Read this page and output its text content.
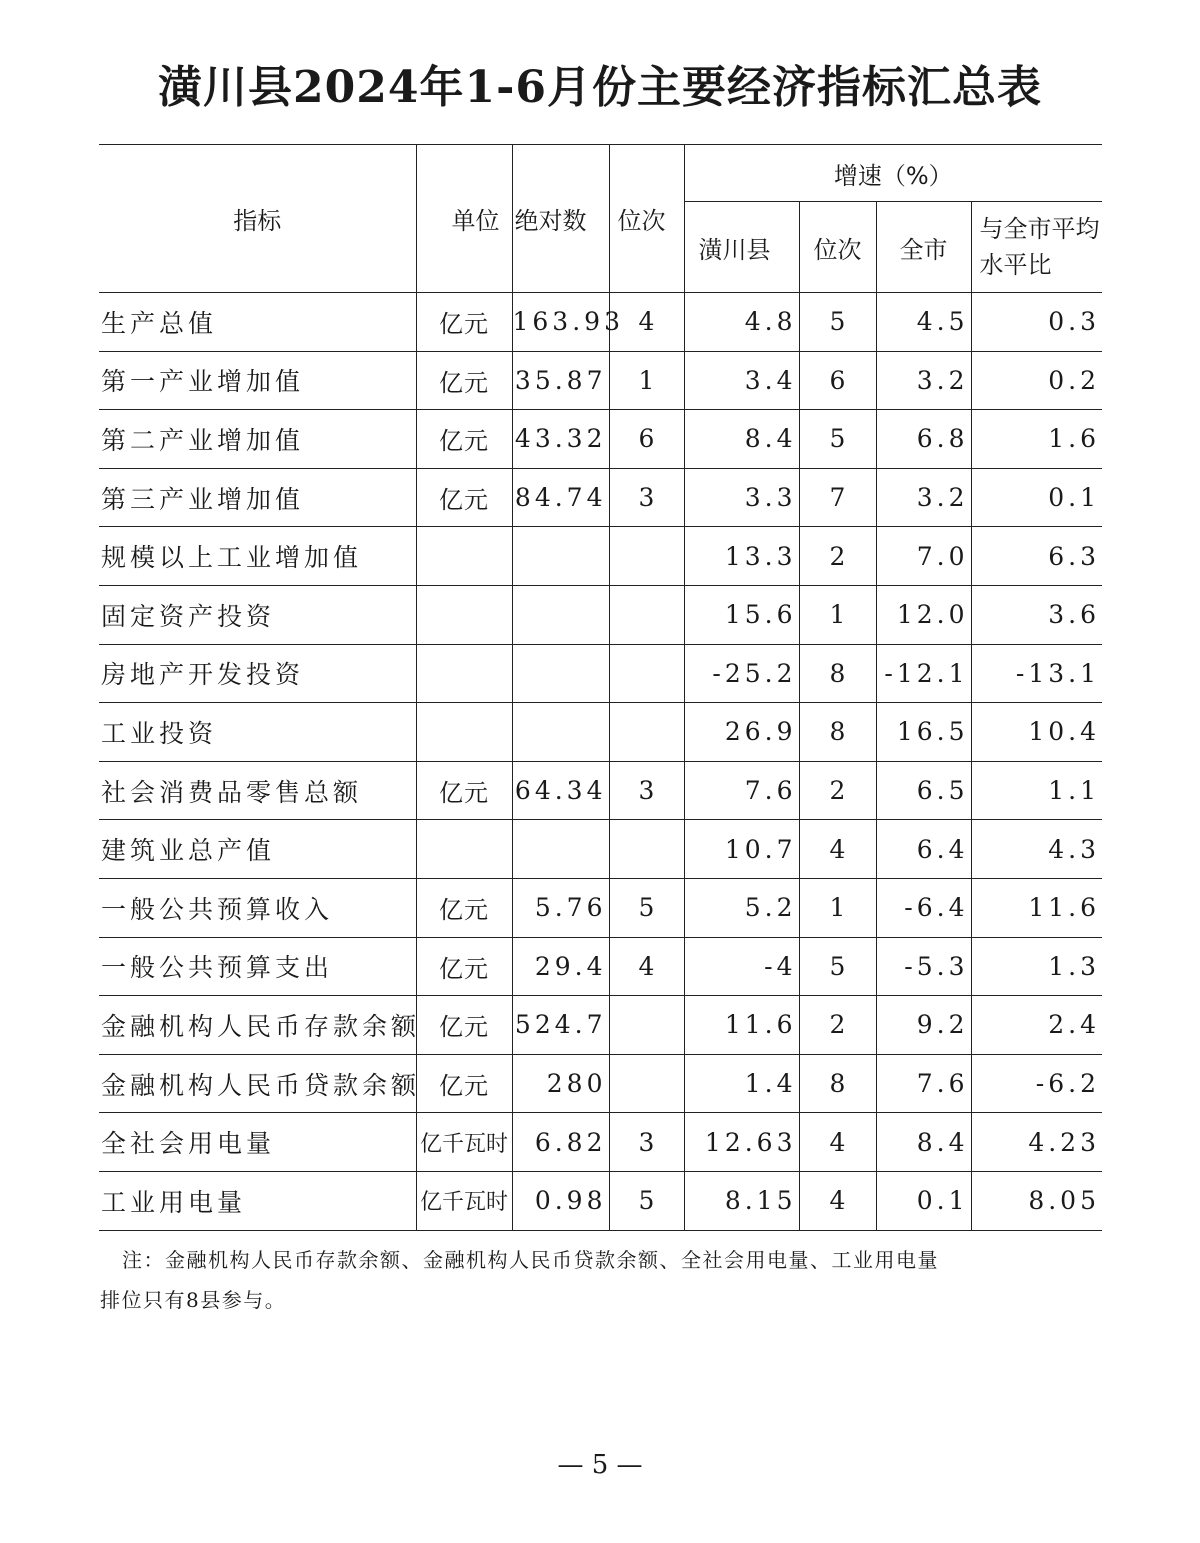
潢川县2024年1-6月份主要经济指标汇总表
指标	单位	绝对数	位次	增速（%）			
				潢川县	位次	全市	与全市平均水平比
生产总值	亿元	163.93	4	4.8	5	4.5	0.3
第一产业增加值	亿元	35.87	1	3.4	6	3.2	0.2
第二产业增加值	亿元	43.32	6	8.4	5	6.8	1.6
第三产业增加值	亿元	84.74	3	3.3	7	3.2	0.1
规模以上工业增加值				13.3	2	7.0	6.3
固定资产投资				15.6	1	12.0	3.6
房地产开发投资				-25.2	8	-12.1	-13.1
工业投资				26.9	8	16.5	10.4
社会消费品零售总额	亿元	64.34	3	7.6	2	6.5	1.1
建筑业总产值				10.7	4	6.4	4.3
一般公共预算收入	亿元	5.76	5	5.2	1	-6.4	11.6
一般公共预算支出	亿元	29.4	4	-4	5	-5.3	1.3
金融机构人民币存款余额	亿元	524.7		11.6	2	9.2	2.4
金融机构人民币贷款余额	亿元	280		1.4	8	7.6	-6.2
全社会用电量	亿千瓦时	6.82	3	12.63	4	8.4	4.23
工业用电量	亿千瓦时	0.98	5	8.15	4	0.1	8.05
注：金融机构人民币存款余额、金融机构人民币贷款余额、全社会用电量、工业用电量
排位只有8县参与。
— 5 —
